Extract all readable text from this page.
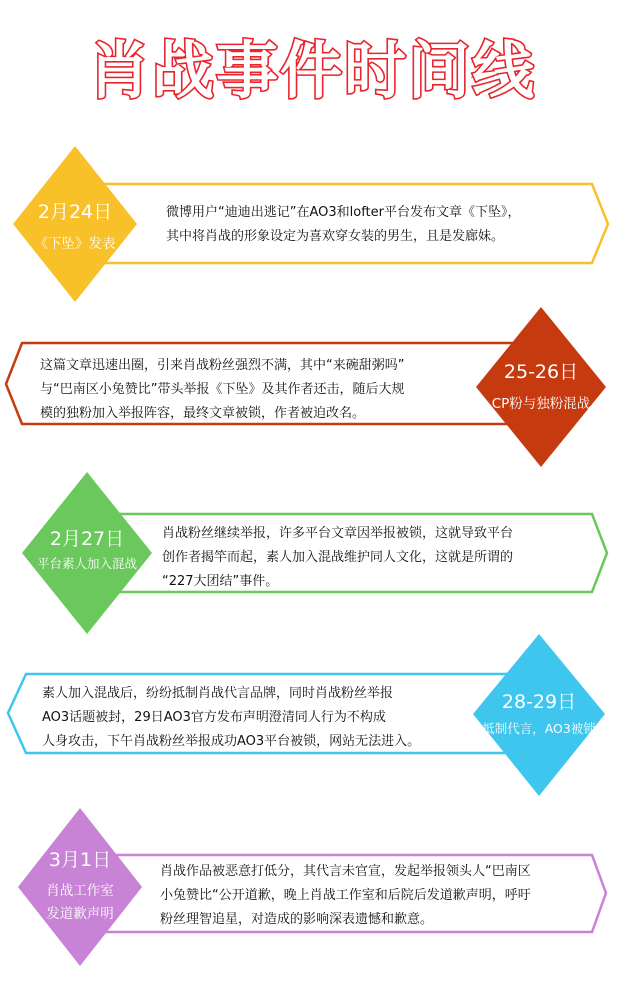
肖战事件时间线
2月24日
《下坠》发表
25-26日
CP粉与独粉混战
2月27日
平台素人加入混战
28-29日
抵制代言，AO3被锁
3月1日
肖战工作室
发道歉声明
微博用户“迪迪出逃记”在AO3和lofter平台发布文章《下坠》，
其中将肖战的形象设定为喜欢穿女装的男生，且是发廊妹。
这篇文章迅速出圈，引来肖战粉丝强烈不满，其中“来碗甜粥吗”
与“巴南区小兔赞比”带头举报《下坠》及其作者还击，随后大规
模的独粉加入举报阵容，最终文章被锁，作者被迫改名。
肖战粉丝继续举报，许多平台文章因举报被锁，这就导致平台
创作者揭竿而起，素人加入混战维护同人文化，这就是所谓的
“227大团结”事件。
素人加入混战后，纷纷抵制肖战代言品牌，同时肖战粉丝举报
AO3话题被封，29日AO3官方发布声明澄清同人行为不构成
人身攻击，下午肖战粉丝举报成功AO3平台被锁，网站无法进入。
肖战作品被恶意打低分，其代言未官宣，发起举报领头人“巴南区
小兔赞比“公开道歉，晚上肖战工作室和后院后发道歉声明，呼吁
粉丝理智追星，对造成的影响深表遗憾和歉意。
